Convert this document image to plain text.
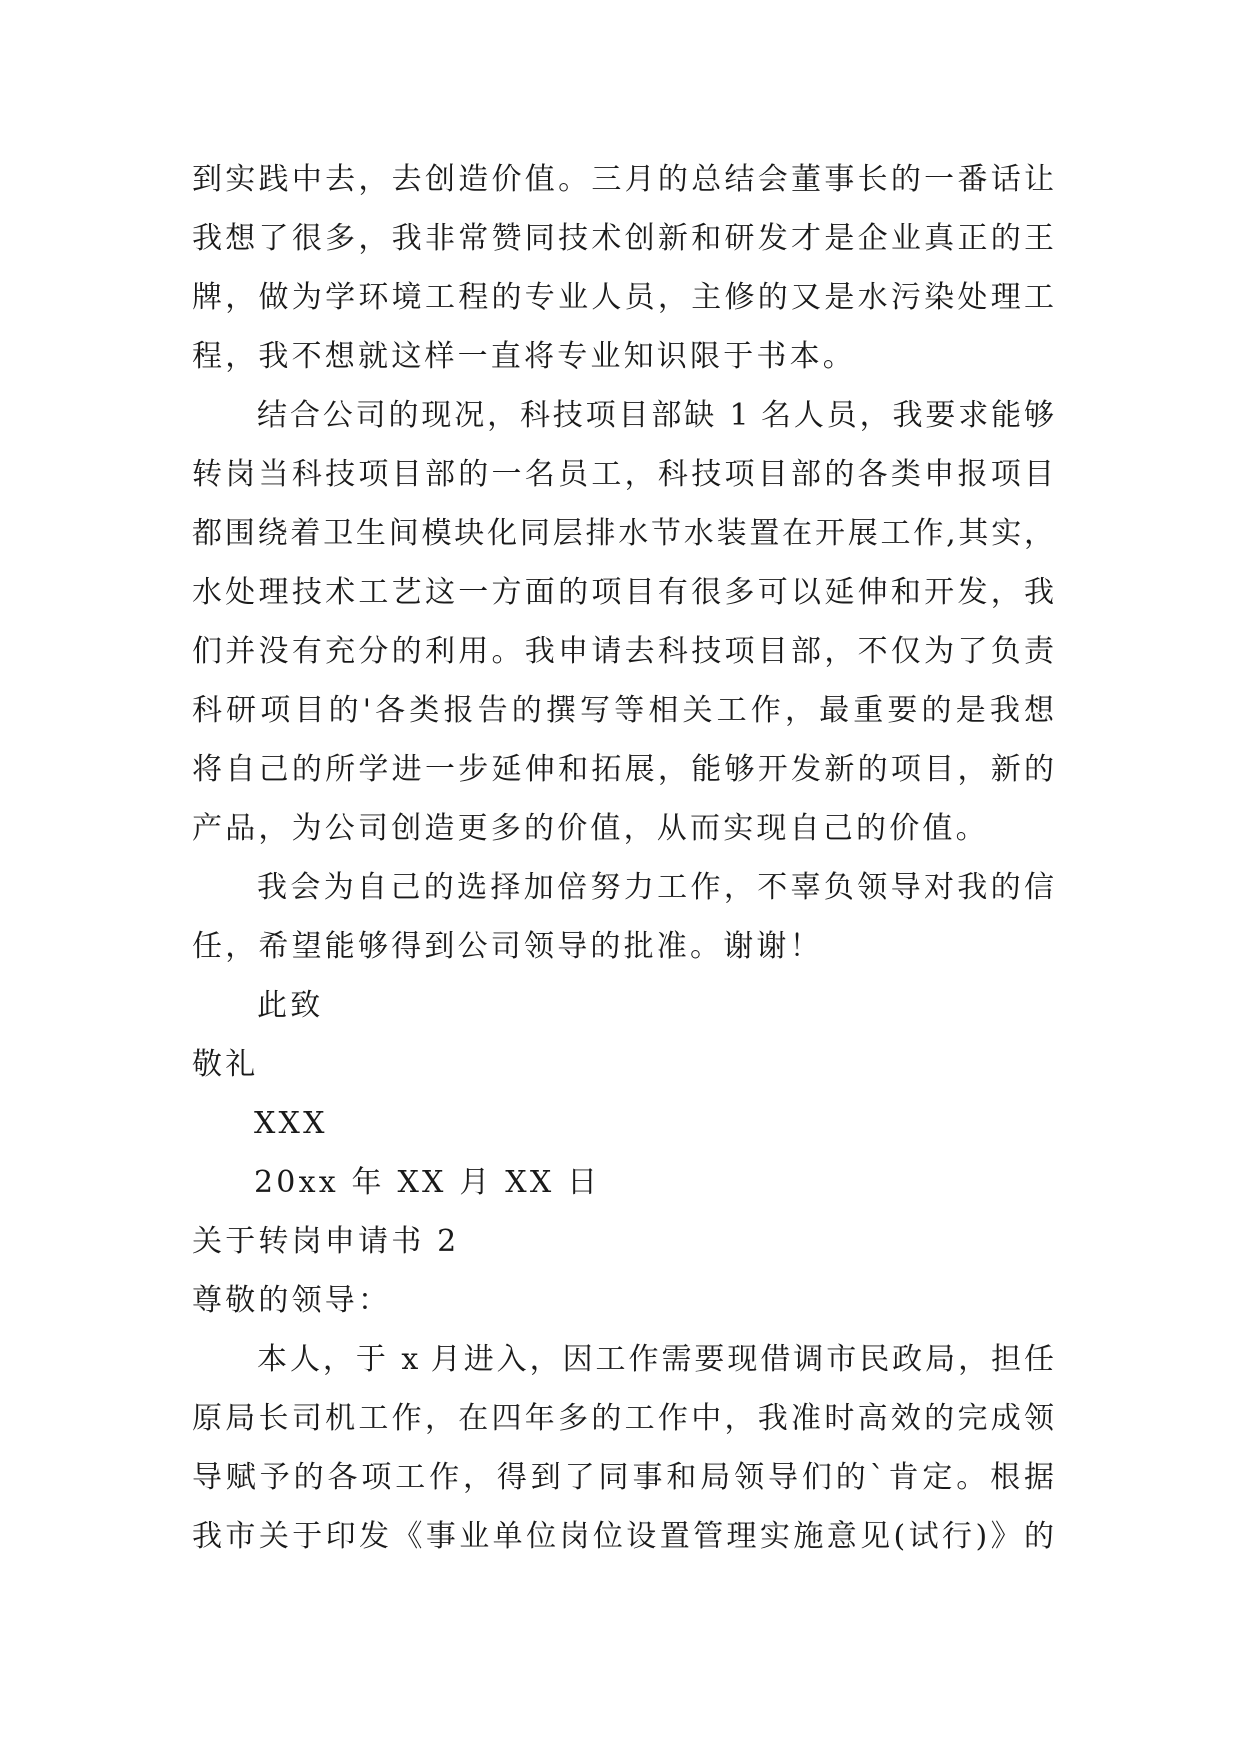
到实践中去，去创造价值。三月的总结会董事长的一番话让
我想了很多，我非常赞同技术创新和研发才是企业真正的王
牌，做为学环境工程的专业人员，主修的又是水污染处理工
程，我不想就这样一直将专业知识限于书本。
结合公司的现况，科技项目部缺 1 名人员，我要求能够
转岗当科技项目部的一名员工，科技项目部的各类申报项目
都围绕着卫生间模块化同层排水节水装置在开展工作,其实，
水处理技术工艺这一方面的项目有很多可以延伸和开发，我
们并没有充分的利用。我申请去科技项目部，不仅为了负责
科研项目的'各类报告的撰写等相关工作，最重要的是我想
将自己的所学进一步延伸和拓展，能够开发新的项目，新的
产品，为公司创造更多的价值，从而实现自己的价值。
我会为自己的选择加倍努力工作，不辜负领导对我的信
任，希望能够得到公司领导的批准。谢谢！
此致
敬礼
XXX
20xx 年 XX 月 XX 日
关于转岗申请书 2
尊敬的领导：
本人，于 x 月进入，因工作需要现借调市民政局，担任
原局长司机工作，在四年多的工作中，我准时高效的完成领
导赋予的各项工作，得到了同事和局领导们的`肯定。根据
我市关于印发《事业单位岗位设置管理实施意见(试行)》的
